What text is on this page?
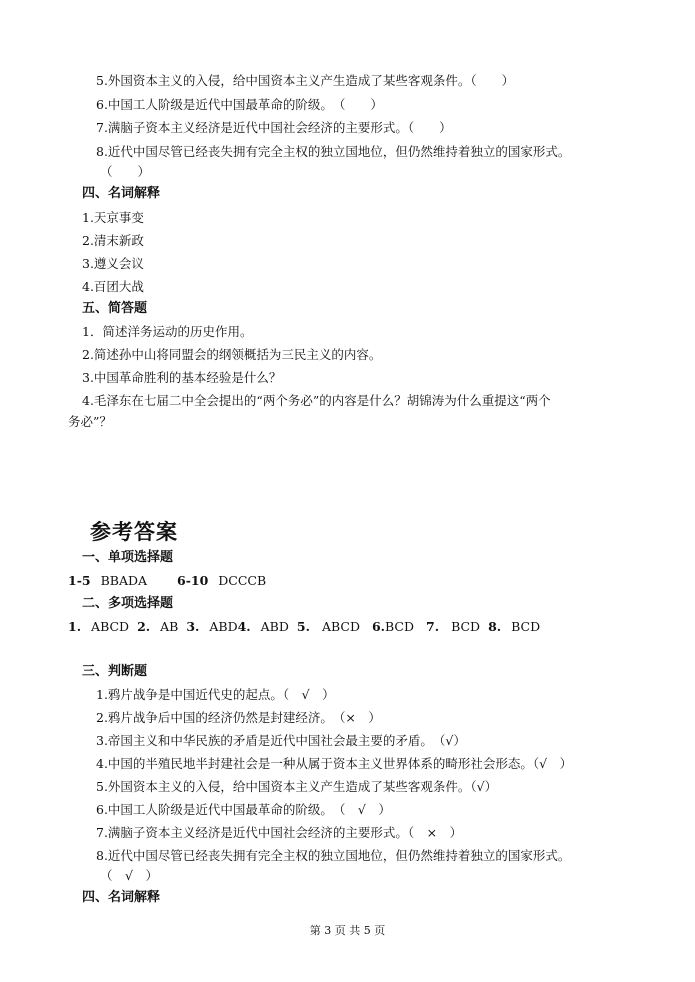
5.外国资本主义的入侵，给中国资本主义产生造成了某些客观条件。（　　）
6.中国工人阶级是近代中国最革命的阶级。　（　　）
7.满脑子资本主义经济是近代中国社会经济的主要形式。（　　）
8.近代中国尽管已经丧失拥有完全主权的独立国地位，但仍然维持着独立的国家形式。
（　　）
四、名词解释
1.天京事变
2.清末新政
3.遵义会议
4.百团大战
五、简答题
1．简述洋务运动的历史作用。
2.简述孙中山将同盟会的纲领概括为三民主义的内容。
3.中国革命胜利的基本经验是什么？
4.毛泽东在七届二中全会提出的“两个务必”的内容是什么？胡锦涛为什么重提这“两个
务必”？
参考答案
一、单项选择题
1-5 BBADA 6-10 DCCCB
二、多项选择题
1. ABCD 2. AB 3. ABD4. ABD 5. ABCD 6.BCD 7. BCD 8. BCD
三、判断题
1.鸦片战争是中国近代史的起点。（　√　）
2.鸦片战争后中国的经济仍然是封建经济。　（×　）
3.帝国主义和中华民族的矛盾是近代中国社会最主要的矛盾。　（√）
4.中国的半殖民地半封建社会是一种从属于资本主义世界体系的畸形社会形态。（√　）
5.外国资本主义的入侵，给中国资本主义产生造成了某些客观条件。（√）
6.中国工人阶级是近代中国最革命的阶级。　（　√　）
7.满脑子资本主义经济是近代中国社会经济的主要形式。（　×　）
8.近代中国尽管已经丧失拥有完全主权的独立国地位，但仍然维持着独立的国家形式。
（　√　）
四、名词解释
第 3 页 共 5 页
